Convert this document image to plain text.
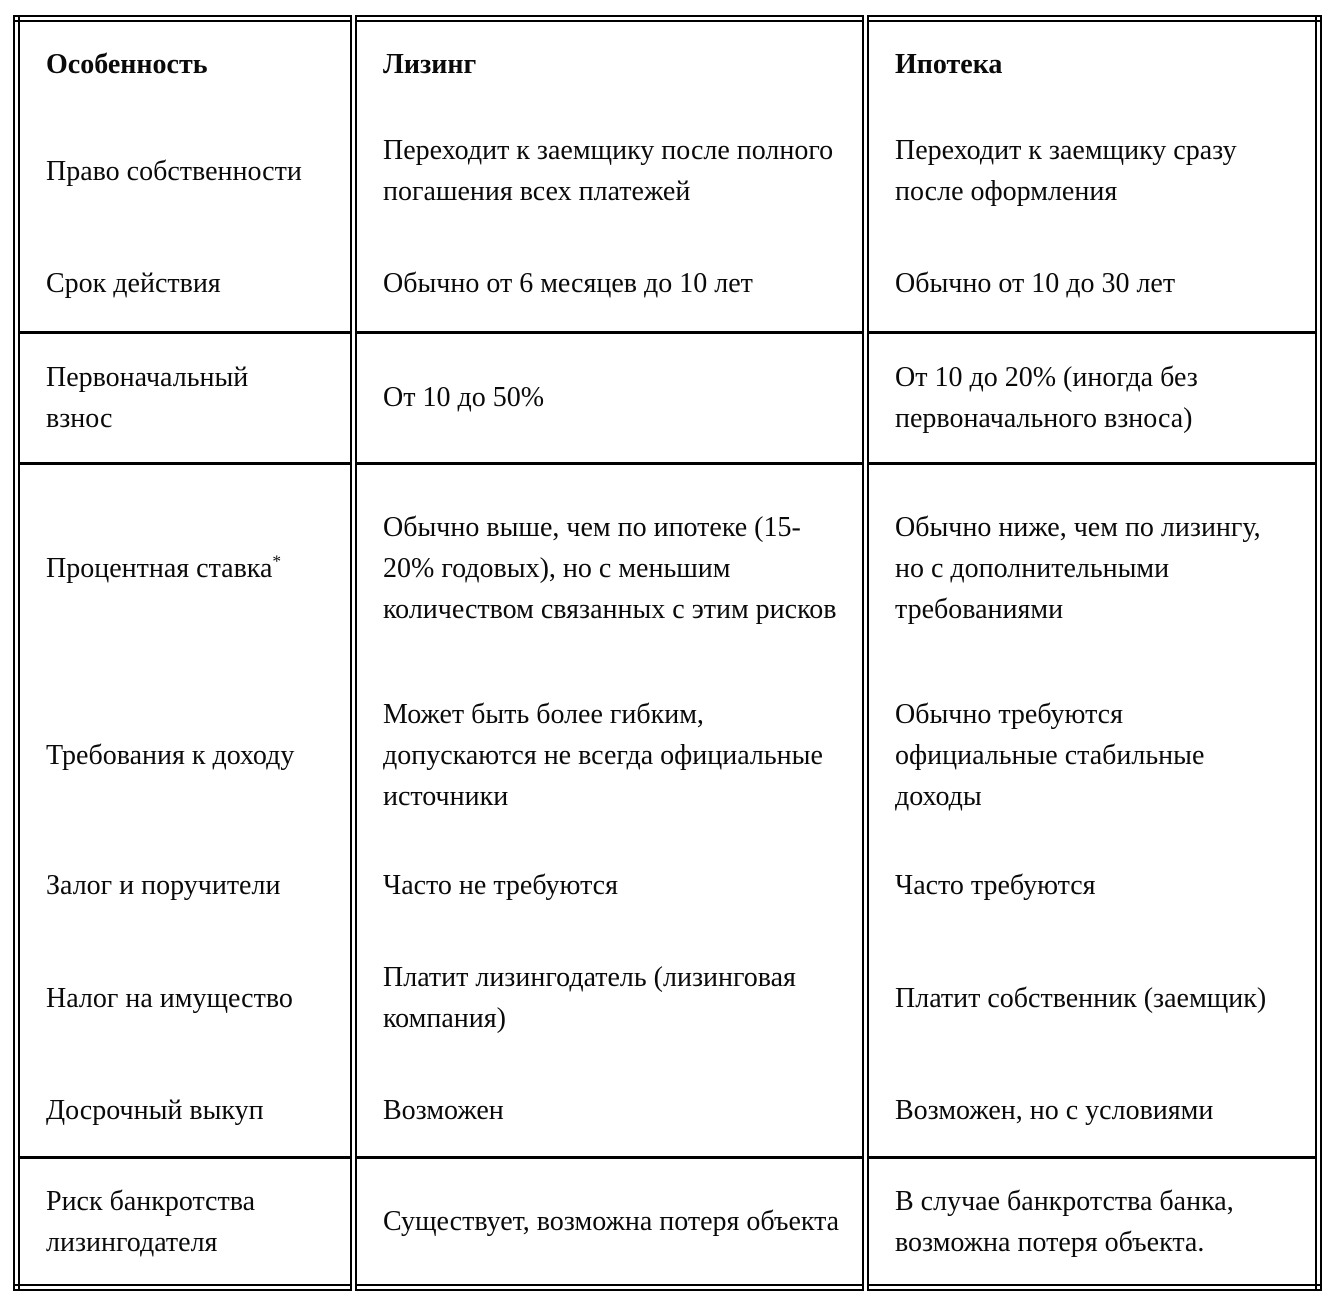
Особенность	Лизинг	Ипотека
Право собственности	Переходит к заемщику после полного погашения всех платежей	Переходит к заемщику сразу после оформления
Срок действия	Обычно от 6 месяцев до 10 лет	Обычно от 10 до 30 лет
Первоначальный взнос	От 10 до 50%	От 10 до 20% (иногда без первоначального взноса)
Процентная ставка*	Обычно выше, чем по ипотеке (15-20% годовых), но с меньшим количеством связанных с этим рисков	Обычно ниже, чем по лизингу, но с дополнительными требованиями
Требования к доходу	Может быть более гибким, допускаются не всегда официальные источники	Обычно требуются официальные стабильные доходы
Залог и поручители	Часто не требуются	Часто требуются
Налог на имущество	Платит лизингодатель (лизинговая компания)	Платит собственник (заемщик)
Досрочный выкуп	Возможен	Возможен, но с условиями
Риск банкротства лизингодателя	Существует, возможна потеря объекта	В случае банкротства банка, возможна потеря объекта.
